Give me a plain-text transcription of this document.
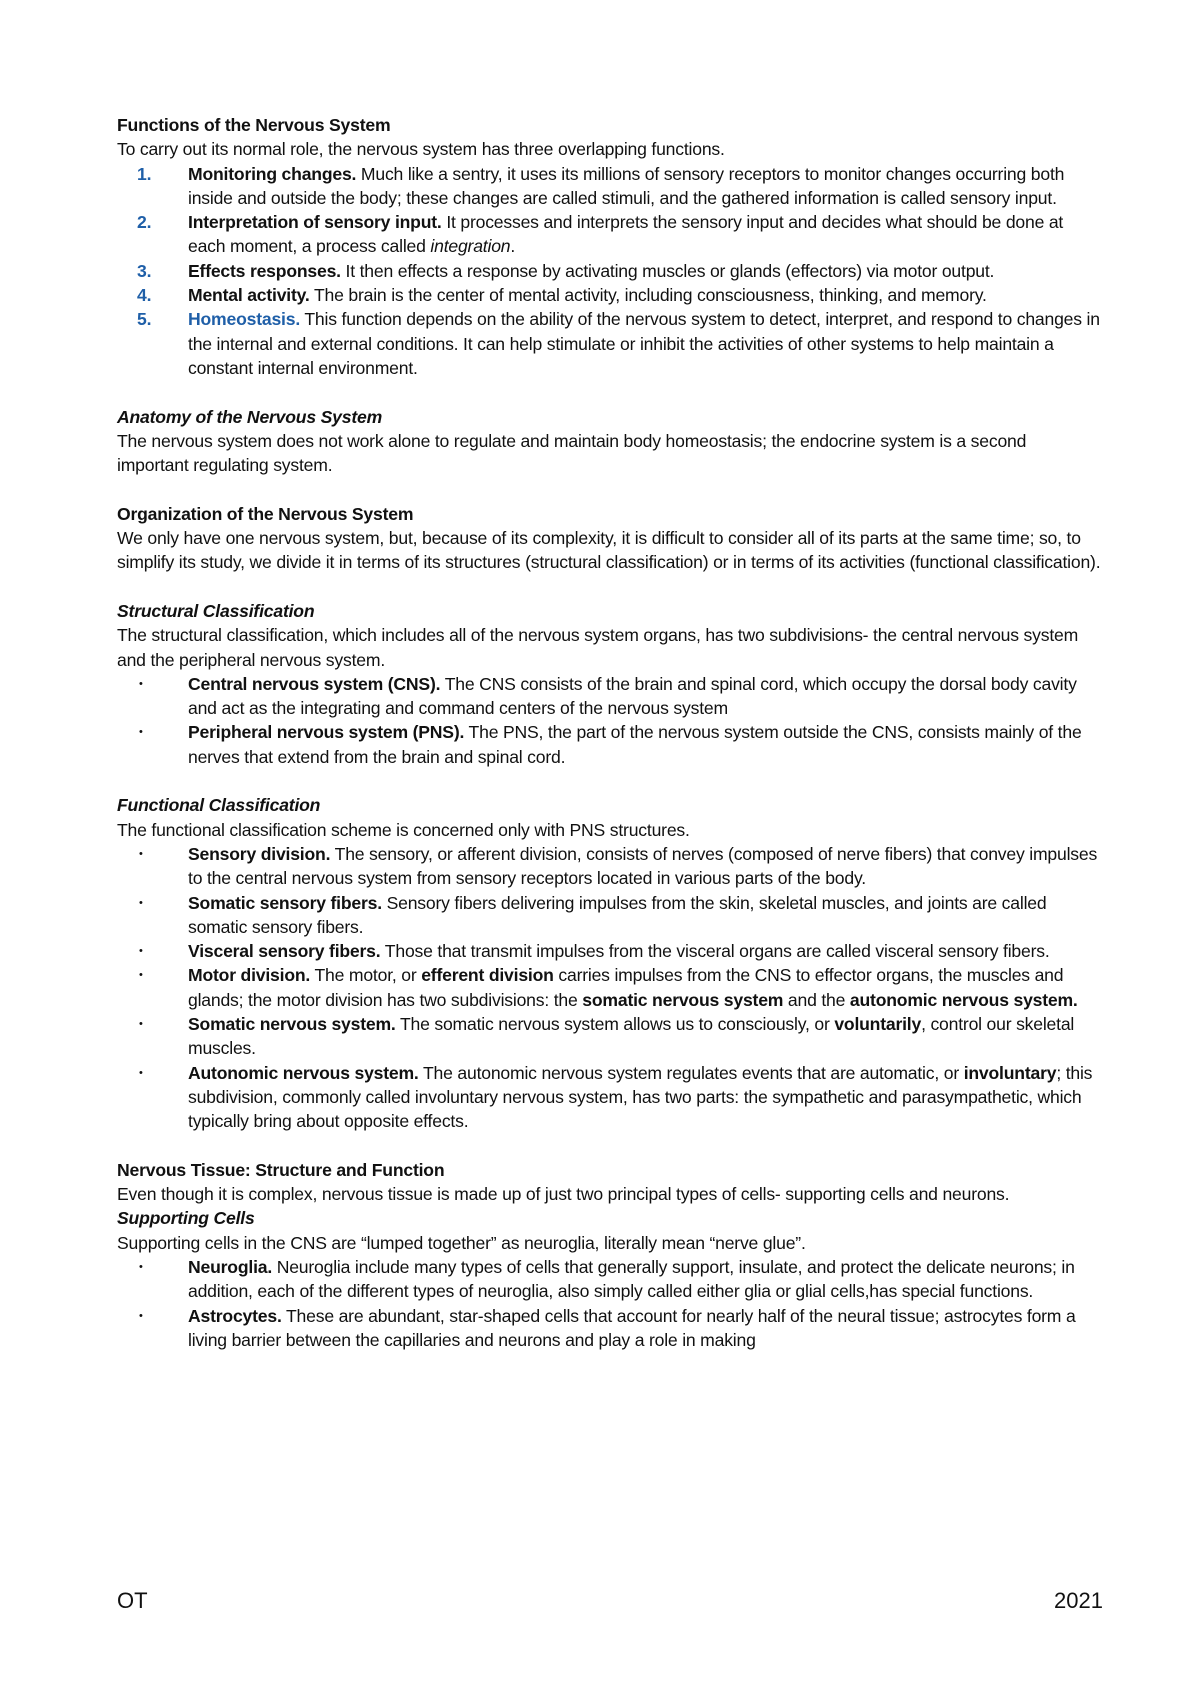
Functions of the Nervous System

To carry out its normal role, the nervous system has three overlapping functions.

1. Monitoring changes. Much like a sentry, it uses its millions of sensory receptors to monitor changes occurring both inside and outside the body; these changes are called stimuli, and the gathered information is called sensory input.
2. Interpretation of sensory input. It processes and interprets the sensory input and decides what should be done at each moment, a process called integration.
3. Effects responses. It then effects a response by activating muscles or glands (effectors) via motor output.
4. Mental activity. The brain is the center of mental activity, including consciousness, thinking, and memory.
5. Homeostasis. This function depends on the ability of the nervous system to detect, interpret, and respond to changes in the internal and external conditions. It can help stimulate or inhibit the activities of other systems to help maintain a constant internal environment.

Anatomy of the Nervous System

The nervous system does not work alone to regulate and maintain body homeostasis; the endocrine system is a second important regulating system.

Organization of the Nervous System

We only have one nervous system, but, because of its complexity, it is difficult to consider all of its parts at the same time; so, to simplify its study, we divide it in terms of its structures (structural classification) or in terms of its activities (functional classification).

Structural Classification

The structural classification, which includes all of the nervous system organs, has two subdivisions- the central nervous system and the peripheral nervous system.

•	Central nervous system (CNS). The CNS consists of the brain and spinal cord, which occupy the dorsal body cavity and act as the integrating and command centers of the nervous system
•	Peripheral nervous system (PNS). The PNS, the part of the nervous system outside the CNS, consists mainly of the nerves that extend from the brain and spinal cord.

Functional Classification

The functional classification scheme is concerned only with PNS structures.

•	Sensory division. The sensory, or afferent division, consists of nerves (composed of nerve fibers) that convey impulses to the central nervous system from sensory receptors located in various parts of the body.
•	Somatic sensory fibers. Sensory fibers delivering impulses from the skin, skeletal muscles, and joints are called somatic sensory fibers.
•	Visceral sensory fibers. Those that transmit impulses from the visceral organs are called visceral sensory fibers.
•	Motor division. The motor, or efferent division carries impulses from the CNS to effector organs, the muscles and glands; the motor division has two subdivisions: the somatic nervous system and the autonomic nervous system.
•	Somatic nervous system. The somatic nervous system allows us to consciously, or voluntarily, control our skeletal muscles.
•	Autonomic nervous system. The autonomic nervous system regulates events that are automatic, or involuntary; this subdivision, commonly called involuntary nervous system, has two parts: the sympathetic and parasympathetic, which typically bring about opposite effects.

Nervous Tissue: Structure and Function

Even though it is complex, nervous tissue is made up of just two principal types of cells- supporting cells and neurons.

Supporting Cells

Supporting cells in the CNS are “lumped together” as neuroglia, literally mean “nerve glue”.

•	Neuroglia. Neuroglia include many types of cells that generally support, insulate, and protect the delicate neurons; in addition, each of the different types of neuroglia, also simply called either glia or glial cells,has special functions.
•	Astrocytes. These are abundant, star-shaped cells that account for nearly half of the neural tissue; astrocytes form a living barrier between the capillaries and neurons and play a role in making
OT	2021
